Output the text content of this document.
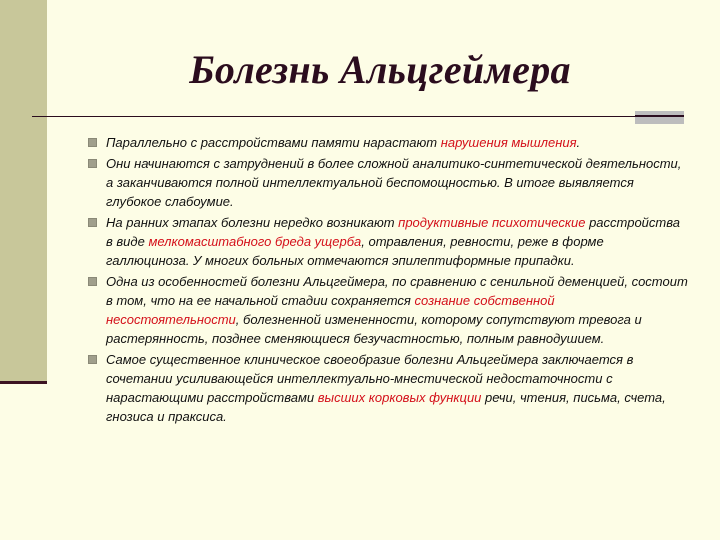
Болезнь Альцгеймера
Параллельно с расстройствами памяти нарастают нарушения мышления.
Они начинаются с затруднений в более сложной аналитико-синтетической деятельности, а заканчиваются полной интеллектуальной беспомощностью. В итоге выявляется глубокое слабоумие.
На ранних этапах болезни нередко возникают продуктивные психотические расстройства в виде мелкомасштабного бреда ущерба, отравления, ревности, реже в форме галлюциноза. У многих больных отмечаются эпилептиформные припадки.
Одна из особенностей болезни Альцгеймера, по сравнению с сенильной деменцией, состоит в том, что на ее начальной стадии сохраняется сознание собственной несостоятельности, болезненной измененности, которому сопутствуют тревога и растерянность, позднее сменяющиеся безучастностью, полным равнодушием.
Самое существенное клиническое своеобразие болезни Альцгеймера заключается в сочетании усиливающейся интеллектуально-мнестической недостаточности с нарастающими расстройствами высших корковых функции речи, чтения, письма, счета, гнозиса и праксиса.
